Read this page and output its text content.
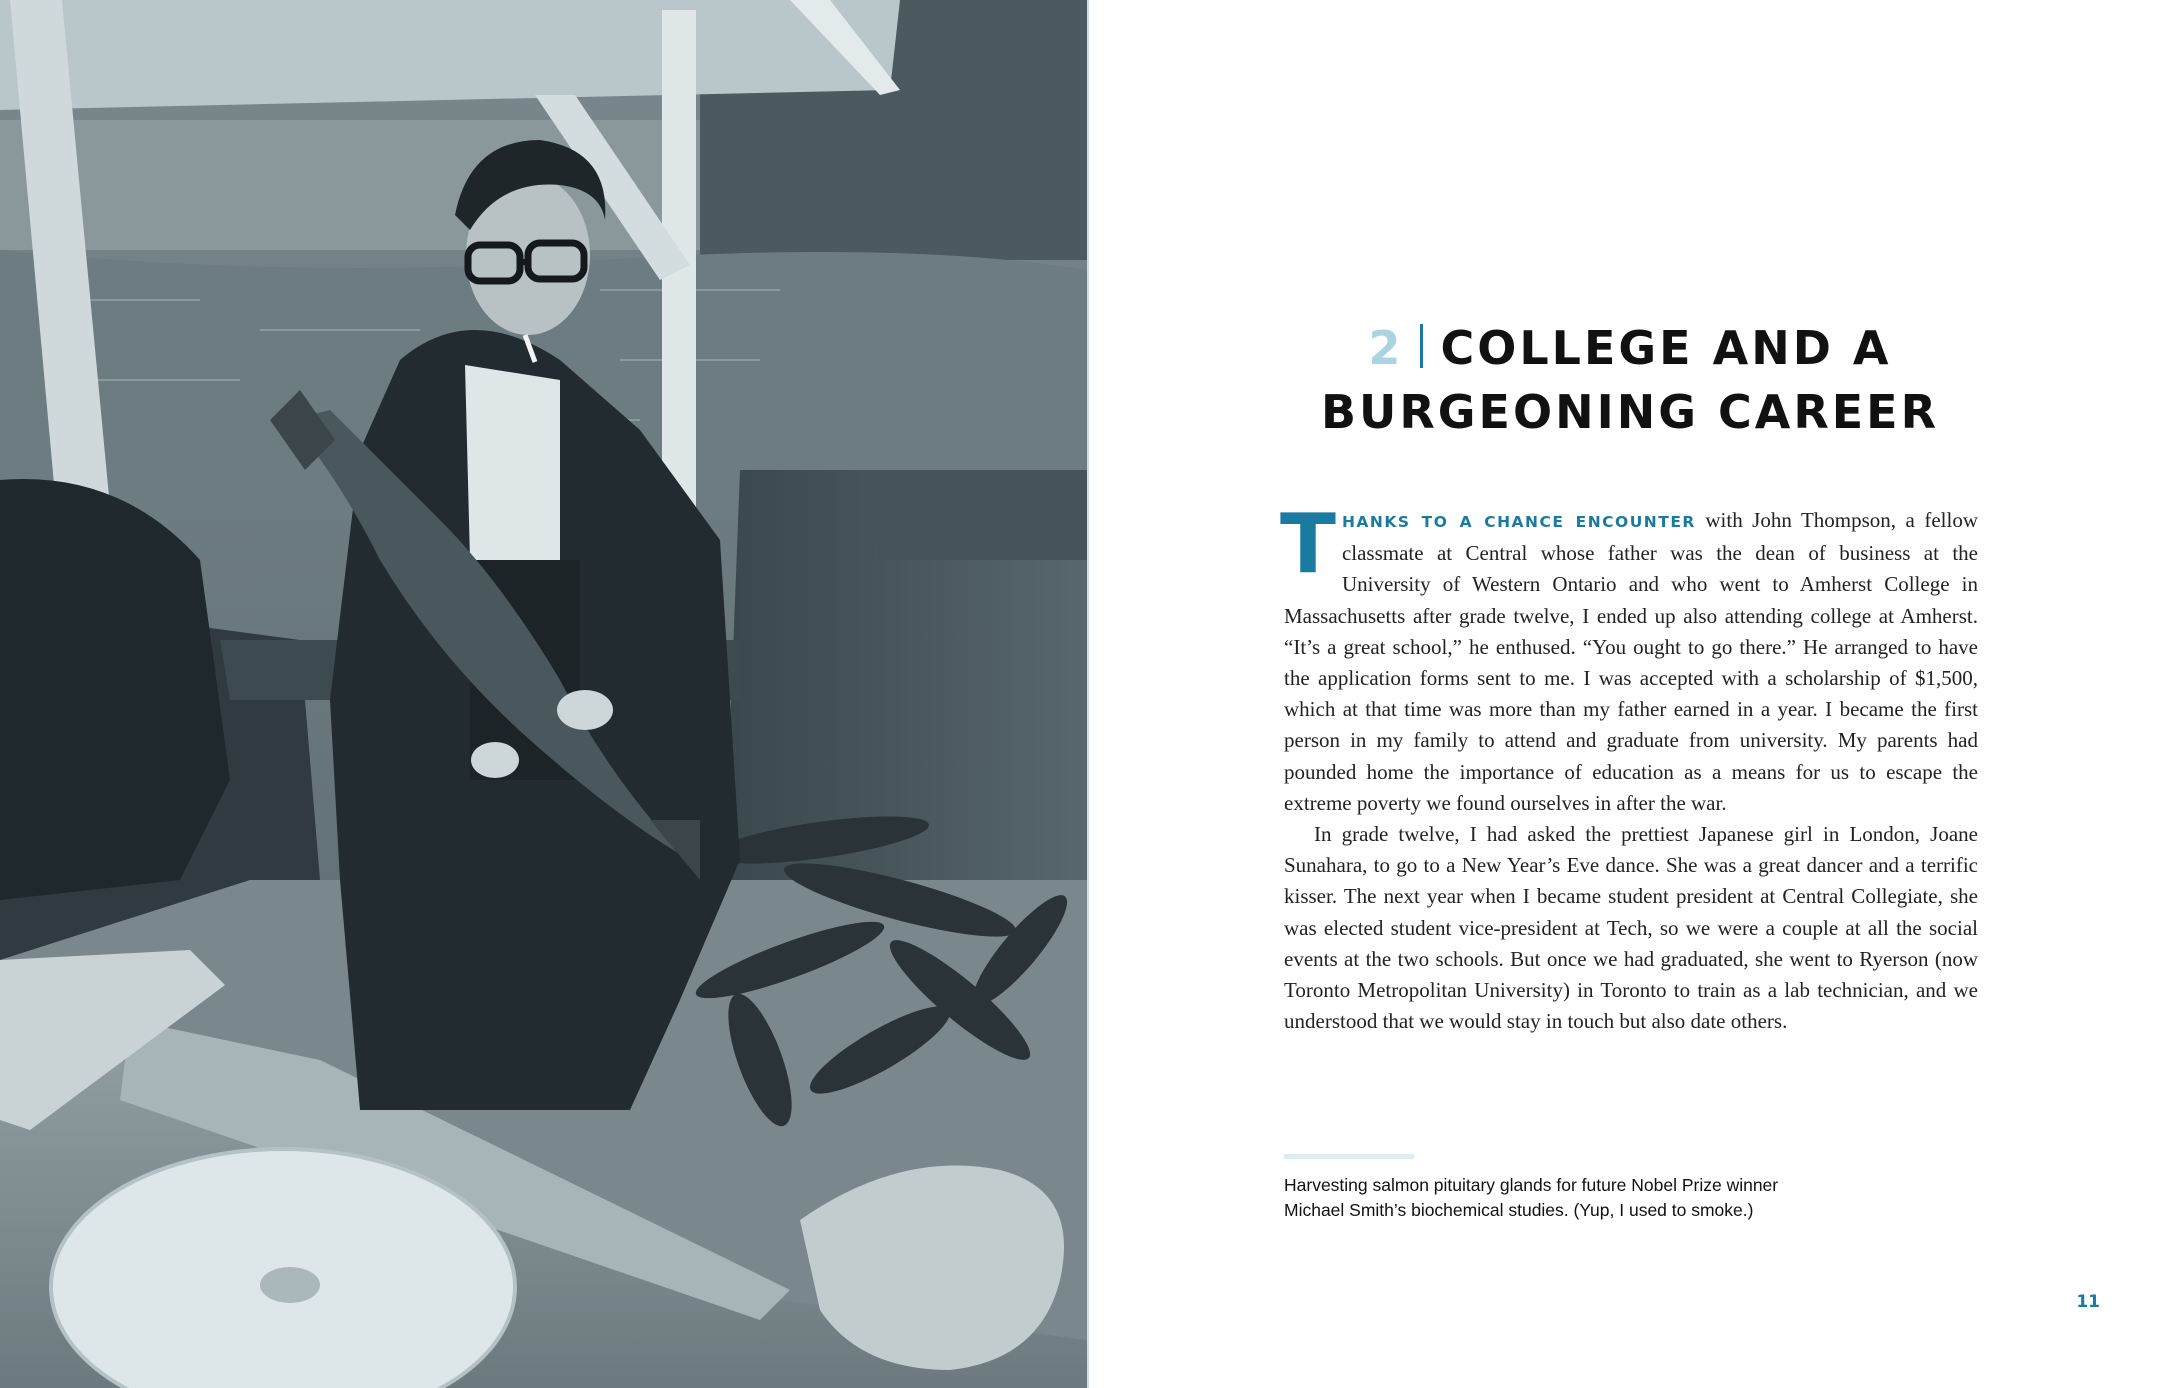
2 COLLEGE AND A
BURGEONING CAREER

THANKS TO A CHANCE ENCOUNTER with John Thompson, a fellow classmate at Central whose father was the dean of business at the University of Western Ontario and who went to Amherst College in Massachusetts after grade twelve, I ended up also attending college at Amherst. “It’s a great school,” he enthused. “You ought to go there.” He arranged to have the application forms sent to me. I was accepted with a scholarship of $1,500, which at that time was more than my father earned in a year. I became the first person in my family to attend and graduate from university. My parents had pounded home the importance of education as a means for us to escape the extreme poverty we found ourselves in after the war.

In grade twelve, I had asked the prettiest Japanese girl in London, Joane Sunahara, to go to a New Year’s Eve dance. She was a great dancer and a terrific kisser. The next year when I became student president at Central Collegiate, she was elected student vice-president at Tech, so we were a couple at all the social events at the two schools. But once we had graduated, she went to Ryerson (now Toronto Metropolitan University) in Toronto to train as a lab technician, and we understood that we would stay in touch but also date others.

Harvesting salmon pituitary glands for future Nobel Prize winner
Michael Smith’s biochemical studies. (Yup, I used to smoke.)

11
